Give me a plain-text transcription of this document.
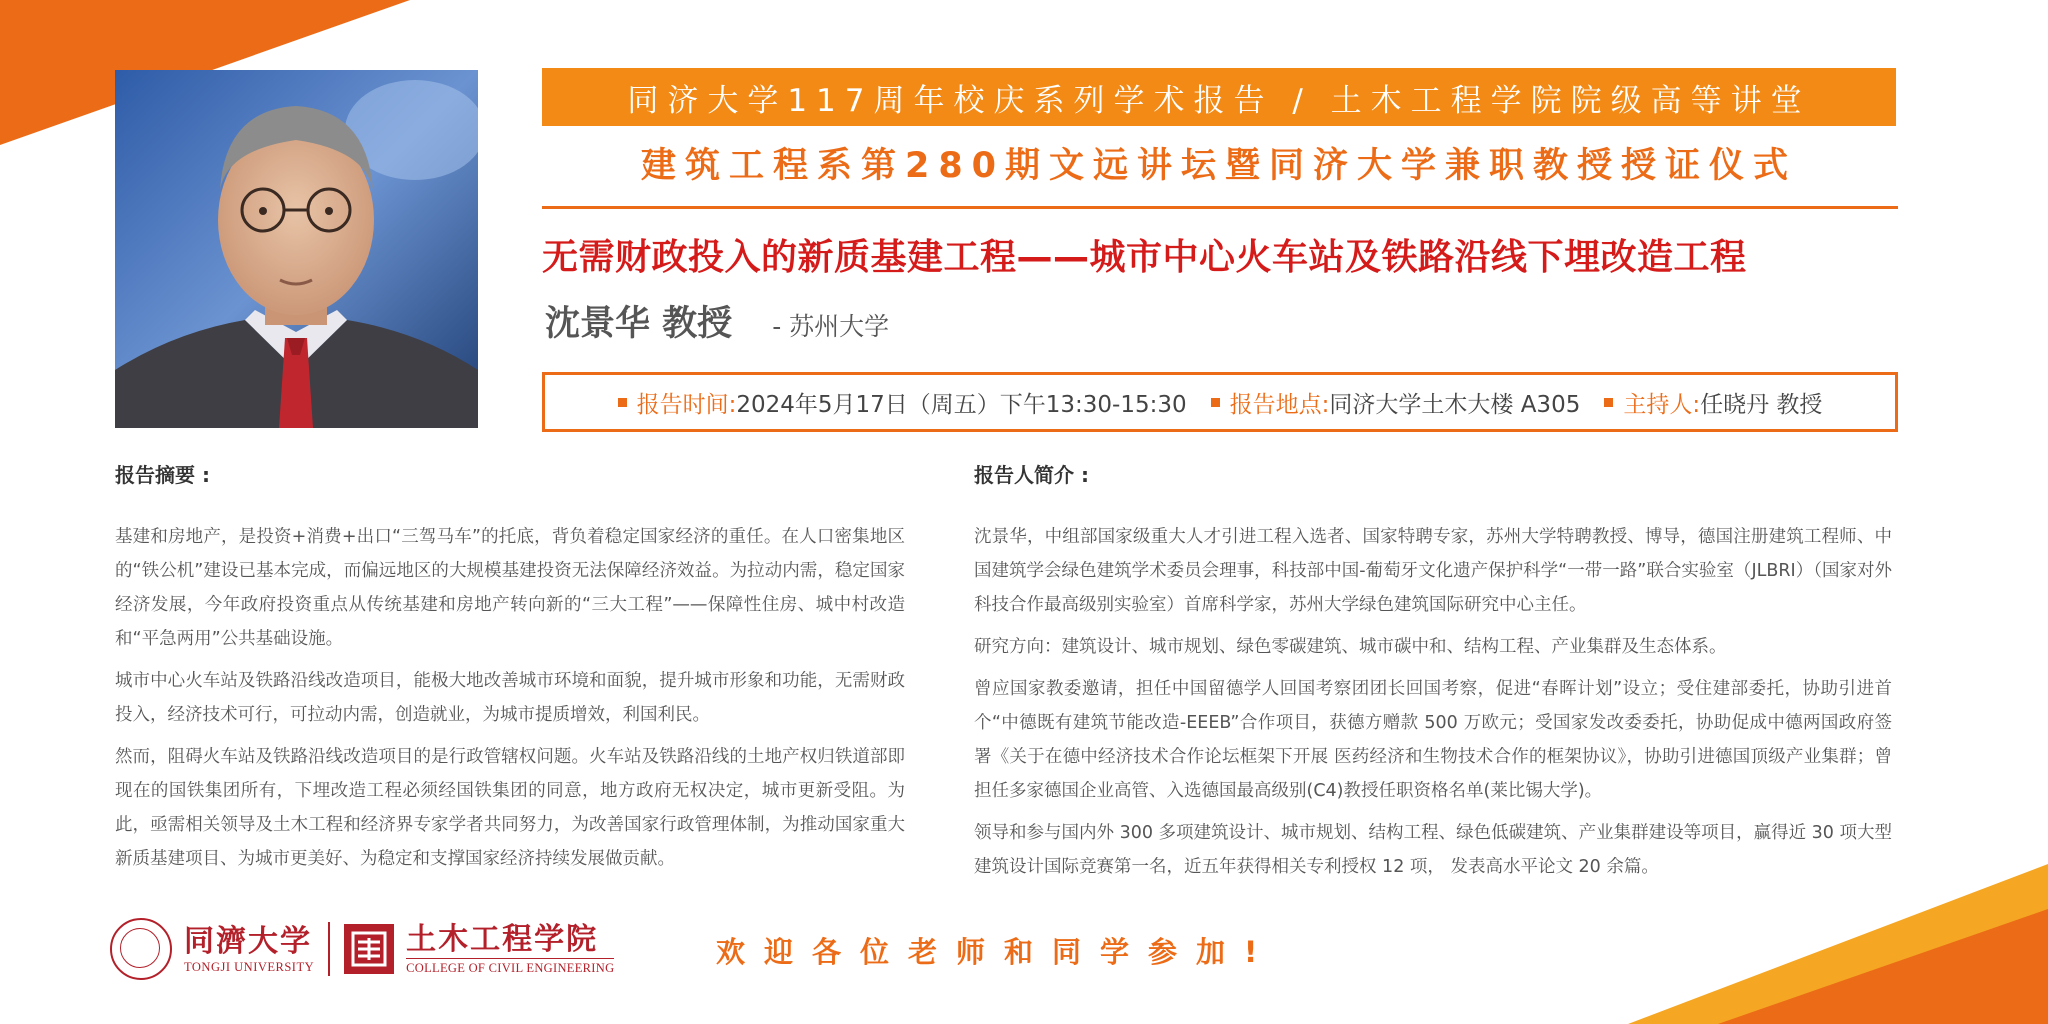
同济大学117周年校庆系列学术报告 / 土木工程学院院级高等讲堂
建筑工程系第280期文远讲坛暨同济大学兼职教授授证仪式
无需财政投入的新质基建工程——城市中心火车站及铁路沿线下埋改造工程
沈景华 教授 - 苏州大学
报告时间: 2024年5月17日（周五）下午13:30-15:30 报告地点: 同济大学土木大楼 A305 主持人: 任晓丹 教授
报告摘要 :

基建和房地产，是投资+消费+出口“三驾马车”的托底，背负着稳定国家经济的重任。在人口密集地区的“铁公机”建设已基本完成，而偏远地区的大规模基建投资无法保障经济效益。为拉动内需，稳定国家经济发展，今年政府投资重点从传统基建和房地产转向新的“三大工程”——保障性住房、城中村改造和“平急两用”公共基础设施。

城市中心火车站及铁路沿线改造项目，能极大地改善城市环境和面貌，提升城市形象和功能，无需财政投入，经济技术可行，可拉动内需，创造就业，为城市提质增效，利国利民。

然而，阻碍火车站及铁路沿线改造项目的是行政管辖权问题。火车站及铁路沿线的土地产权归铁道部即现在的国铁集团所有，下埋改造工程必须经国铁集团的同意，地方政府无权决定，城市更新受阻。为此，亟需相关领导及土木工程和经济界专家学者共同努力，为改善国家行政管理体制，为推动国家重大新质基建项目、为城市更美好、为稳定和支撑国家经济持续发展做贡献。

报告人简介 :

沈景华，中组部国家级重大人才引进工程入选者、国家特聘专家，苏州大学特聘教授、博导，德国注册建筑工程师、中国建筑学会绿色建筑学术委员会理事，科技部中国-葡萄牙文化遗产保护科学“一带一路”联合实验室（JLBRI）（国家对外科技合作最高级别实验室）首席科学家，苏州大学绿色建筑国际研究中心主任。

研究方向：建筑设计、城市规划、绿色零碳建筑、城市碳中和、结构工程、产业集群及生态体系。

曾应国家教委邀请，担任中国留德学人回国考察团团长回国考察，促进“春晖计划”设立；受住建部委托，协助引进首个“中德既有建筑节能改造-EEEB”合作项目，获德方赠款 500 万欧元；受国家发改委委托，协助促成中德两国政府签署《关于在德中经济技术合作论坛框架下开展 医药经济和生物技术合作的框架协议》，协助引进德国顶级产业集群；曾担任多家德国企业高管、入选德国最高级别(C4)教授任职资格名单(莱比锡大学)。

领导和参与国内外 300 多项建筑设计、城市规划、结构工程、绿色低碳建筑、产业集群建设等项目，赢得近 30 项大型建筑设计国际竞赛第一名，近五年获得相关专利授权 12 项， 发表高水平论文 20 余篇。

同濟大学
TONGJI UNIVERSITY
土木工程学院
COLLEGE OF CIVIL ENGINEERING	欢迎各位老师和同学参加!
